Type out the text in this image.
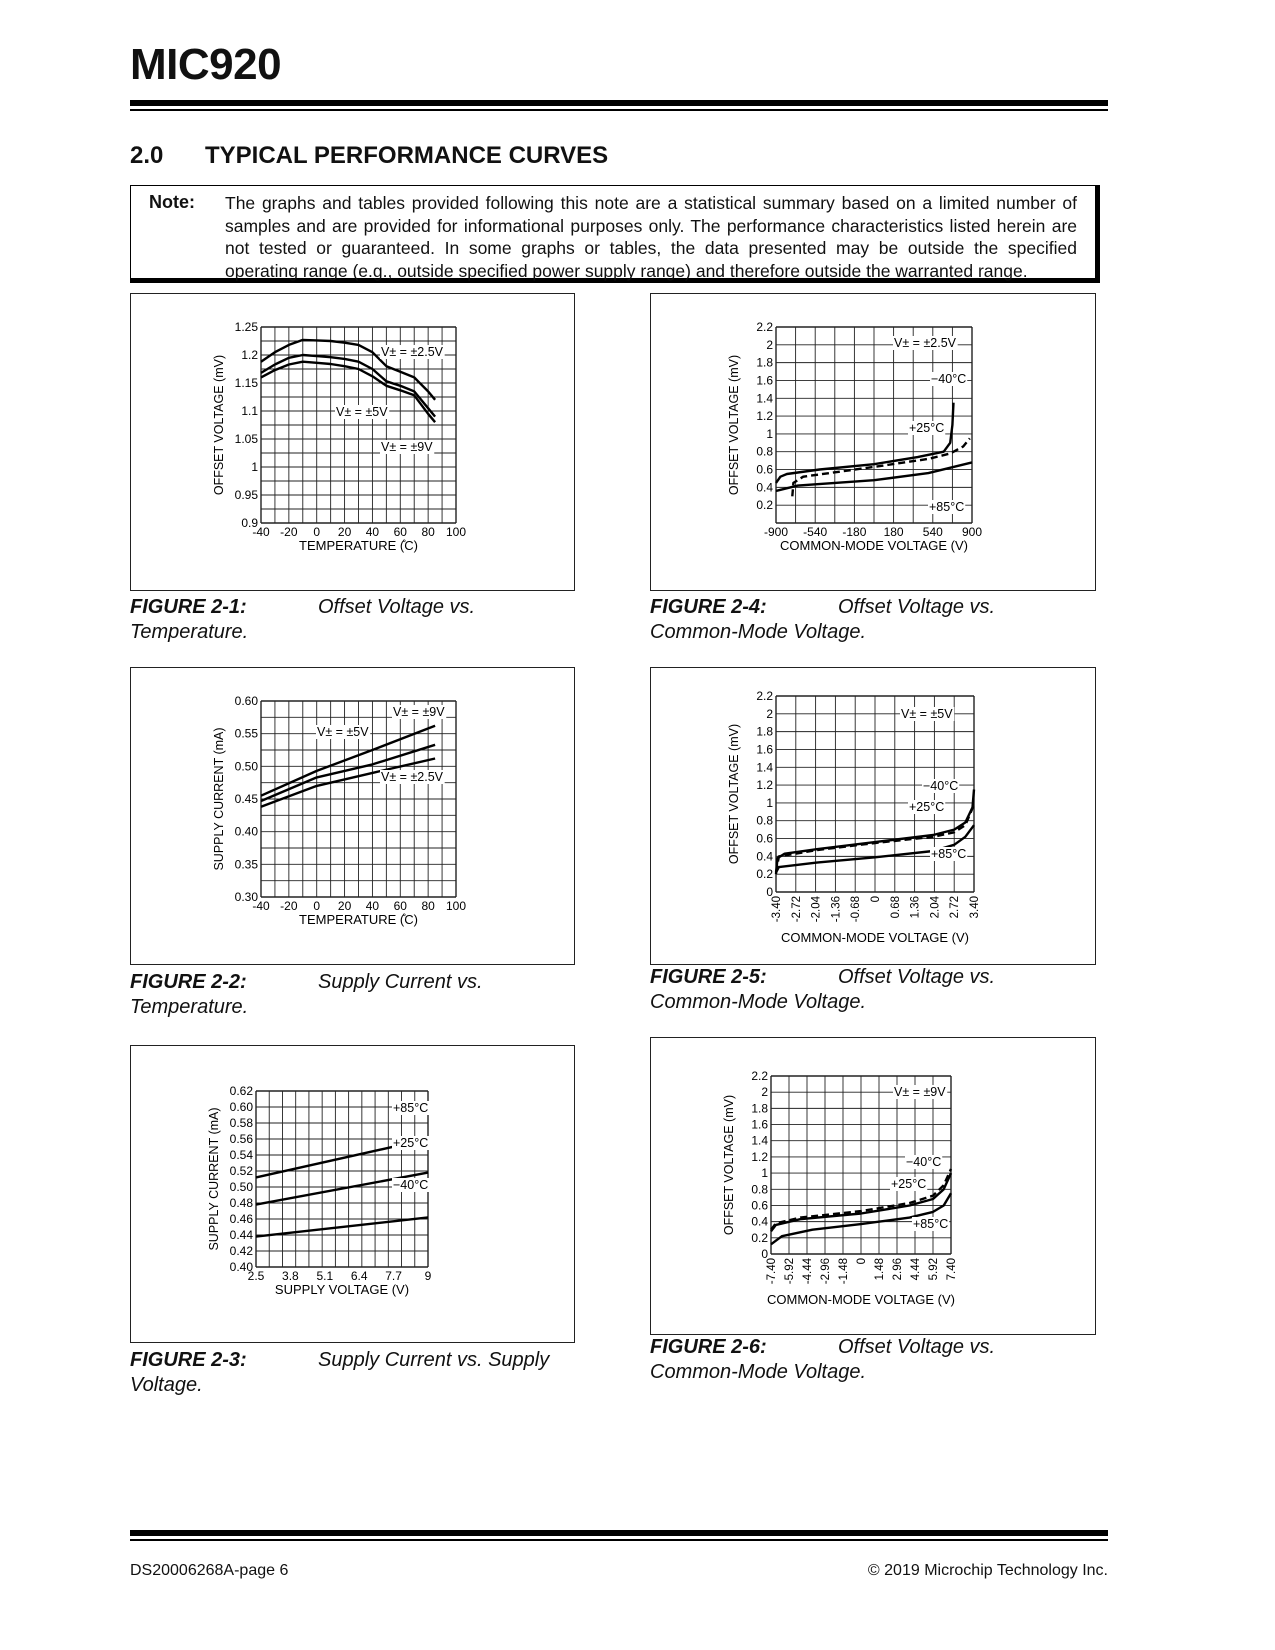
MIC920
2.0 TYPICAL PERFORMANCE CURVES
Note: The graphs and tables provided following this note are a statistical summary based on a limited number of samples and are provided for informational purposes only. The performance characteristics listed herein are not tested or guaranteed. In some graphs or tables, the data presented may be outside the specified operating range (e.g., outside specified power supply range) and therefore outside the warranted range.
0.9
0.95
1
1.05
1.1
1.15
1.2
1.25
-40 -20 0 20 40 60 80 100
TEMPERATURE (̊C)
OFFSET VOLTAGE (mV)
V± = ±2.5V
V± = ±5V
V± = ±9V
FIGURE 2-1:	Offset Voltage vs.
Temperature.
0.30
0.35
0.40
0.45
0.50
0.55
0.60
-40 -20 0 20 40 60 80 100
TEMPERATURE (̊C)
SUPPLY CURRENT (mA)
V± = ±9V
V± = ±5V
V± = ±2.5V
FIGURE 2-2:	Supply Current vs.
Temperature.
0.40
0.42
0.44
0.46
0.48
0.50
0.52
0.54
0.56
0.58
0.60
0.62
2.5 3.8 5.1 6.4 7.7 9
SUPPLY VOLTAGE (V)
SUPPLY CURRENT (mA)	+85°C
+25°C
−40°C
FIGURE 2-3:	Supply Current vs. Supply
Voltage.
0.2
0.4
0.6
0.8
1
1.2
1.4
1.6
1.8
2
2.2
-900 -540 -180 180 540 900
COMMON-MODE VOLTAGE (V)
OFFSET VOLTAGE (mV)
V± = ±2.5V
−40°C
+25°C
+85°C
FIGURE 2-4:	Offset Voltage vs.
Common-Mode Voltage.
0
0.2
0.4
0.6
0.8
1
1.2
1.4
1.6
1.8
2
2.2
-3.40 -2.72 -2.04 -1.36 -0.68 0 0.68 1.36 2.04 2.72 3.40
COMMON-MODE VOLTAGE (V)
OFFSET VOLTAGE (mV)
V± = ±5V
−40°C
+25°C
+85°C
FIGURE 2-5:	Offset Voltage vs.
Common-Mode Voltage.
0
0.2
0.4
0.6
0.8
1
1.2
1.4
1.6
1.8
2
2.2
-7.40 -5.92 -4.44 -2.96 -1.48 0 1.48 2.96 4.44 5.92 7.40
COMMON-MODE VOLTAGE (V)
OFFSET VOLTAGE (mV)
V± = ±9V
−40°C
+25°C
+85°C
FIGURE 2-6:	Offset Voltage vs.
Common-Mode Voltage.
DS20006268A-page 6	© 2019 Microchip Technology Inc.
